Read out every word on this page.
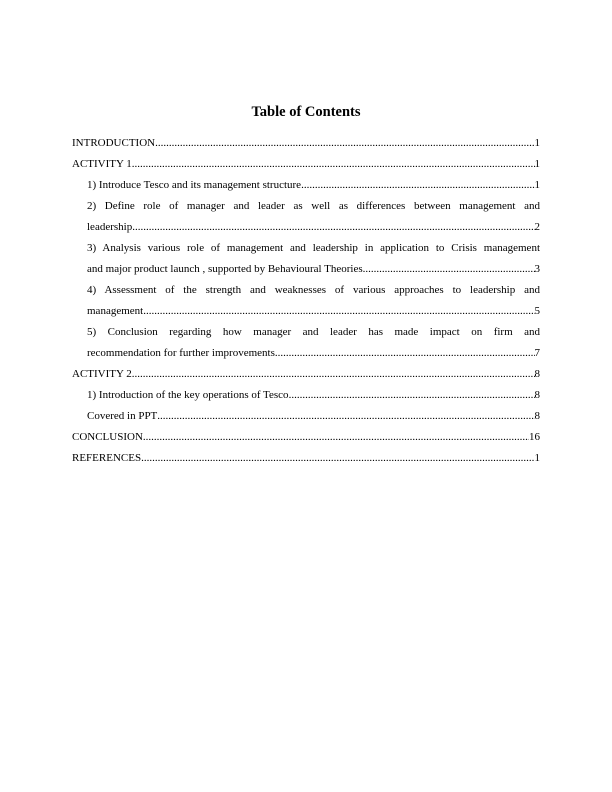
Table of Contents
INTRODUCTION .....	1
ACTIVITY 1 .....	1
1) Introduce Tesco and its management structure .....	1
2) Define role of manager and leader as well as differences between management and
leadership .....	2
3) Analysis various role of management and leadership in application to Crisis management
and major product launch , supported by Behavioural Theories .....	3
4) Assessment of the strength and weaknesses of various approaches to leadership and
management .....	5
5) Conclusion regarding how manager and leader has made impact on firm and
recommendation for further improvements .....	7
ACTIVITY 2 .....	8
1) Introduction of the key operations of Tesco .....	8
Covered in PPT .....	8
CONCLUSION .....	16
REFERENCES .....	1
